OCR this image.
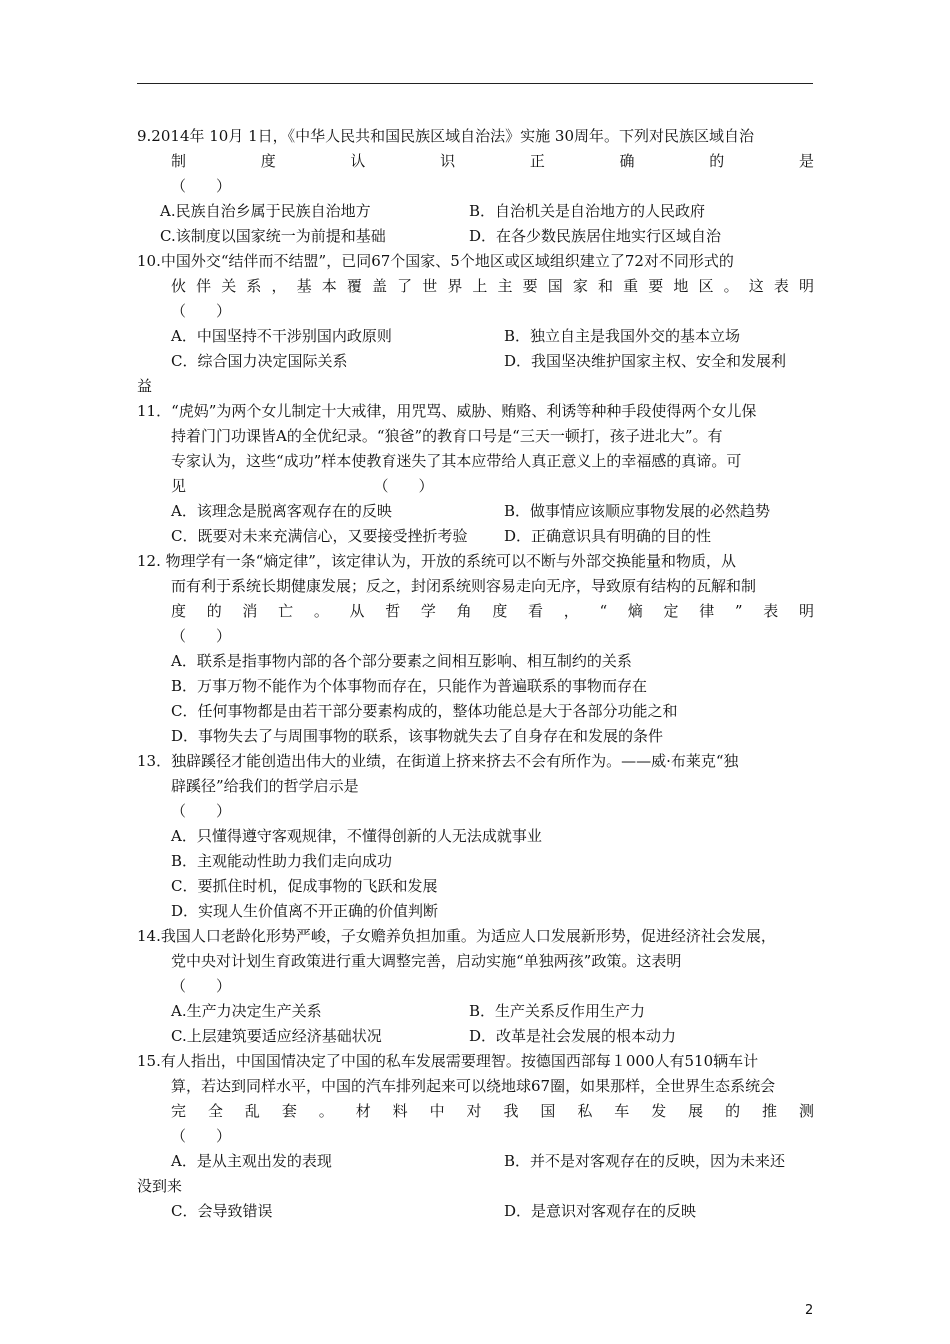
9.2014年 10月 1日，《中华人民共和国民族区域自治法》实施 30周年。下列对民族区域自治
制度认识正确的是
（　　）
A.民族自治乡属于民族自治地方	B．自治机关是自治地方的人民政府
C.该制度以国家统一为前提和基础	D．在各少数民族居住地实行区域自治
10.中国外交“结伴而不结盟”，已同67个国家、5个地区或区域组织建立了72对不同形式的
伙伴关系，基本覆盖了世界上主要国家和重要地区。这表明
（　　）
A．中国坚持不干涉别国内政原则	B．独立自主是我国外交的基本立场
C．综合国力决定国际关系	D．我国坚决维护国家主权、安全和发展利
益
11．“虎妈”为两个女儿制定十大戒律，用咒骂、威胁、贿赂、利诱等种种手段使得两个女儿保
持着门门功课皆A的全优纪录。“狼爸”的教育口号是“三天一顿打，孩子进北大”。有
专家认为，这些“成功”样本使教育迷失了其本应带给人真正意义上的幸福感的真谛。可
见　　　　　　　　　　　　　（　　）
A．该理念是脱离客观存在的反映	B．做事情应该顺应事物发展的必然趋势
C．既要对未来充满信心，又要接受挫折考验 D．正确意识具有明确的目的性
12. 物理学有一条“熵定律”，该定律认为，开放的系统可以不断与外部交换能量和物质，从
而有利于系统长期健康发展；反之，封闭系统则容易走向无序，导致原有结构的瓦解和制
度的消亡。从哲学角度看，“熵定律”表明
（　　）
A．联系是指事物内部的各个部分要素之间相互影响、相互制约的关系
B．万事万物不能作为个体事物而存在，只能作为普遍联系的事物而存在
C．任何事物都是由若干部分要素构成的，整体功能总是大于各部分功能之和
D．事物失去了与周围事物的联系，该事物就失去了自身存在和发展的条件
13．独辟蹊径才能创造出伟大的业绩，在街道上挤来挤去不会有所作为。——威·布莱克“独
辟蹊径”给我们的哲学启示是
（　　）
A．只懂得遵守客观规律，不懂得创新的人无法成就事业
B．主观能动性助力我们走向成功
C．要抓住时机，促成事物的飞跃和发展
D．实现人生价值离不开正确的价值判断
14.我国人口老龄化形势严峻，子女赡养负担加重。为适应人口发展新形势，促进经济社会发展，
党中央对计划生育政策进行重大调整完善，启动实施“单独两孩”政策。这表明
（　　）
A.生产力决定生产关系	B．生产关系反作用生产力
C.上层建筑要适应经济基础状况	D．改革是社会发展的根本动力
15.有人指出，中国国情决定了中国的私车发展需要理智。按德国西部每１000人有510辆车计
算，若达到同样水平，中国的汽车排列起来可以绕地球67圈，如果那样，全世界生态系统会
完全乱套。材料中对我国私车发展的推测
（　　）
A．是从主观出发的表现	B．并不是对客观存在的反映，因为未来还
没到来
C．会导致错误	D．是意识对客观存在的反映
2
